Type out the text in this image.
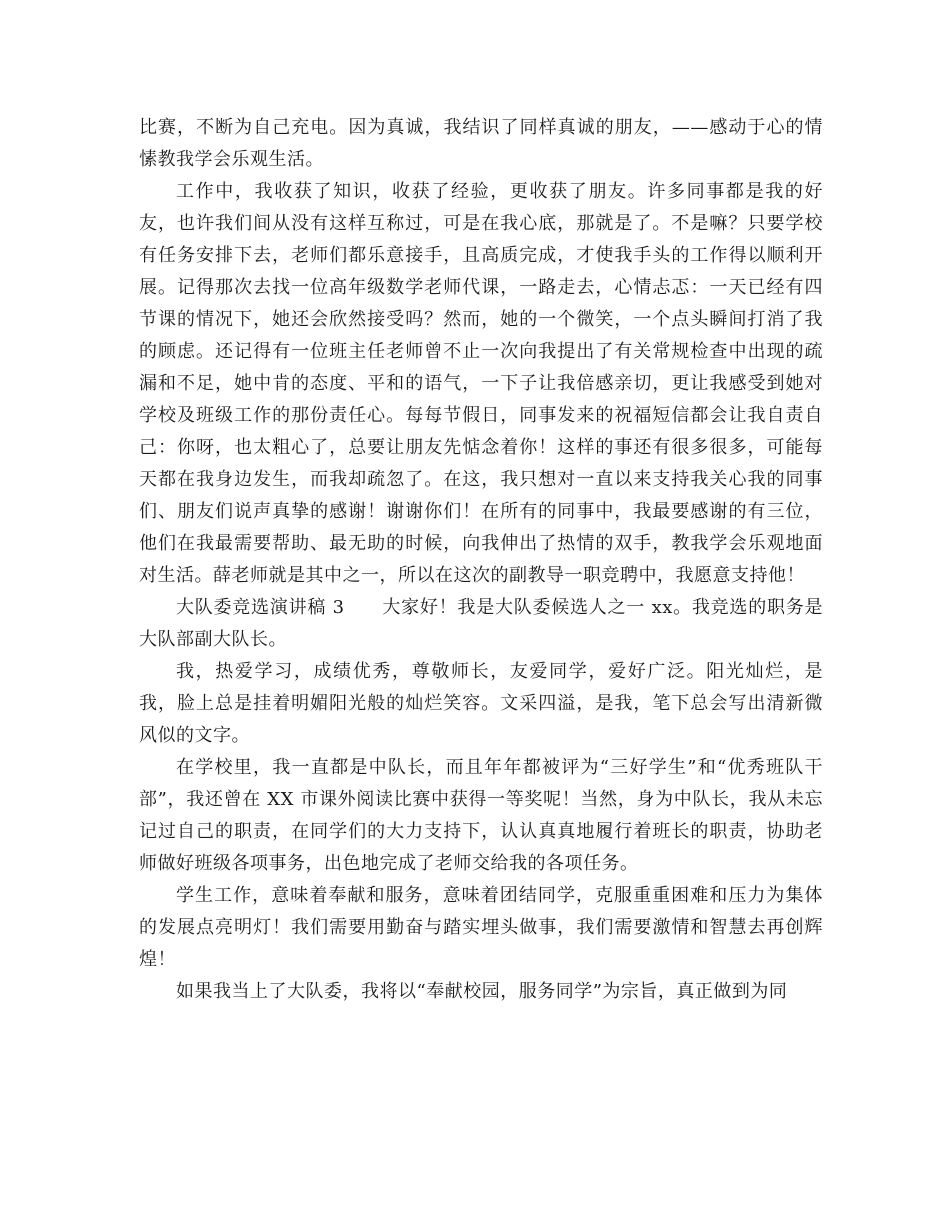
比赛，不断为自己充电。因为真诚，我结识了同样真诚的朋友，——感动于心的情愫教我学会乐观生活。

工作中，我收获了知识，收获了经验，更收获了朋友。许多同事都是我的好友，也许我们间从没有这样互称过，可是在我心底，那就是了。不是嘛？只要学校有任务安排下去，老师们都乐意接手，且高质完成，才使我手头的工作得以顺利开展。记得那次去找一位高年级数学老师代课，一路走去，心情忐忑：一天已经有四节课的情况下，她还会欣然接受吗？然而，她的一个微笑，一个点头瞬间打消了我的顾虑。还记得有一位班主任老师曾不止一次向我提出了有关常规检查中出现的疏漏和不足，她中肯的态度、平和的语气，一下子让我倍感亲切，更让我感受到她对学校及班级工作的那份责任心。每每节假日，同事发来的祝福短信都会让我自责自己：你呀，也太粗心了，总要让朋友先惦念着你！这样的事还有很多很多，可能每天都在我身边发生，而我却疏忽了。在这，我只想对一直以来支持我关心我的同事们、朋友们说声真挚的感谢！谢谢你们！在所有的同事中，我最要感谢的有三位，他们在我最需要帮助、最无助的时候，向我伸出了热情的双手，教我学会乐观地面对生活。薛老师就是其中之一，所以在这次的副教导一职竞聘中，我愿意支持他！

大队委竞选演讲稿 3　　大家好！我是大队委候选人之一 xx。我竞选的职务是大队部副大队长。

我，热爱学习，成绩优秀，尊敬师长，友爱同学，爱好广泛。阳光灿烂，是我，脸上总是挂着明媚阳光般的灿烂笑容。文采四溢，是我，笔下总会写出清新微风似的文字。

在学校里，我一直都是中队长，而且年年都被评为“三好学生”和“优秀班队干部”，我还曾在 XX 市课外阅读比赛中获得一等奖呢！当然，身为中队长，我从未忘记过自己的职责，在同学们的大力支持下，认认真真地履行着班长的职责，协助老师做好班级各项事务，出色地完成了老师交给我的各项任务。

学生工作，意味着奉献和服务，意味着团结同学，克服重重困难和压力为集体的发展点亮明灯！我们需要用勤奋与踏实埋头做事，我们需要激情和智慧去再创辉煌！

如果我当上了大队委，我将以“奉献校园，服务同学”为宗旨，真正做到为同
